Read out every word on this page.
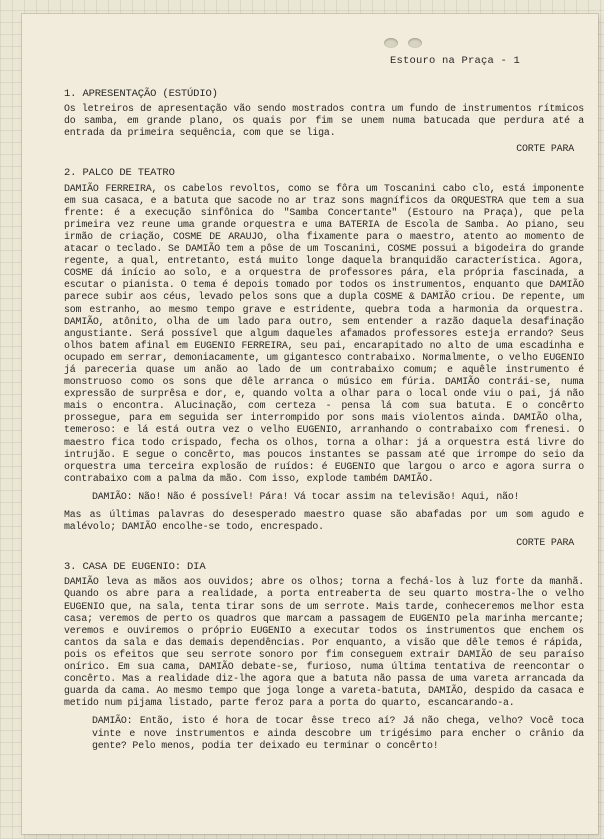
Estouro na Praça - 1
1. APRESENTAÇÃO (ESTÚDIO)

Os letreiros de apresentação vão sendo mostrados contra um fundo de instrumentos rítmicos do samba, em grande plano, os quais por fim se unem numa batucada que perdura até a entrada da primeira sequência, com que se liga.

CORTE PARA
2. PALCO DE TEATRO

DAMIÃO FERREIRA, os cabelos revoltos, como se fôra um Toscanini cabo clo, está imponente em sua casaca, e a batuta que sacode no ar traz sons magníficos da ORQUESTRA que tem a sua frente: é a execução sinfônica do "Samba Concertante" (Estouro na Praça), que pela primeira vez reune uma grande orquestra e uma BATERIA de Escola de Samba. Ao piano, seu irmão de criação, COSME DE ARAUJO, olha fixamente para o maestro, atento ao momento de atacar o teclado. Se DAMIÃO tem a pôse de um Toscanini, COSME possui a bigodeira do grande regente, a qual, entretanto, está muito longe daquela branquidão característica. Agora, COSME dá início ao solo, e a orquestra de professores pára, ela própria fascinada, a escutar o pianista. O tema é depois tomado por todos os instrumentos, enquanto que DAMIÃO parece subir aos céus, levado pelos sons que a dupla COSME & DAMIÃO criou. De repente, um som estranho, ao mesmo tempo grave e estridente, quebra toda a harmonia da orquestra. DAMIÃO, atônito, olha de um lado para outro, sem entender a razão daquela desafinação angustiante. Será possível que algum daqueles afamados professores esteja errando? Seus olhos batem afinal em EUGENIO FERREIRA, seu pai, encarapitado no alto de uma escadinha e ocupado em serrar, demoniacamente, um gigantesco contrabaixo. Normalmente, o velho EUGENIO já pareceria quase um anão ao lado de um contrabaixo comum; e aquêle instrumento é monstruoso como os sons que dêle arranca o músico em fúria. DAMIÃO contrái-se, numa expressão de surprêsa e dor, e, quando volta a olhar para o local onde viu o pai, já não mais o encontra. Alucinação, com certeza - pensa lá com sua batuta. E o concêrto prossegue, para em seguida ser interrompido por sons mais violentos ainda. DAMIÃO olha, temeroso: e lá está outra vez o velho EUGENIO, arranhando o contrabaixo com frenesi. O maestro fica todo crispado, fecha os olhos, torna a olhar: já a orquestra está livre do intrujão. E segue o concêrto, mas poucos instantes se passam até que irrompe do seio da orquestra uma terceira explosão de ruídos: é EUGENIO que largou o arco e agora surra o contrabaixo com a palma da mão. Com isso, explode também DAMIÃO.

DAMIÃO: Não! Não é possível! Pára! Vá tocar assim na televisão! Aqui, não!

Mas as últimas palavras do desesperado maestro quase são abafadas por um som agudo e malévolo; DAMIÃO encolhe-se todo, encrespado.

CORTE PARA
3. CASA DE EUGENIO: DIA

DAMIÃO leva as mãos aos ouvidos; abre os olhos; torna a fechá-los à luz forte da manhã. Quando os abre para a realidade, a porta entreaberta de seu quarto mostra-lhe o velho EUGENIO que, na sala, tenta tirar sons de um serrote. Mais tarde, conheceremos melhor esta casa; veremos de perto os quadros que marcam a passagem de EUGENIO pela marinha mercante; veremos e ouviremos o próprio EUGENIO a executar todos os instrumentos que enchem os cantos da sala e das demais dependências. Por enquanto, a visão que dêle temos é rápida, pois os efeitos que seu serrote sonoro por fim conseguem extrair DAMIÃO de seu paraíso onírico. Em sua cama, DAMIÃO debate-se, furioso, numa última tentativa de reencontar o concêrto. Mas a realidade diz-lhe agora que a batuta não passa de uma vareta arrancada da guarda da cama. Ao mesmo tempo que joga longe a vareta-batuta, DAMIÃO, despido da casaca e metido num pijama listado, parte feroz para a porta do quarto, escancarando-a.

DAMIÃO: Então, isto é hora de tocar êsse treco aí? Já não chega, velho? Você toca vinte e nove instrumentos e ainda descobre um trigésimo para encher o crânio da gente? Pelo menos, podia ter deixado eu terminar o concêrto!
